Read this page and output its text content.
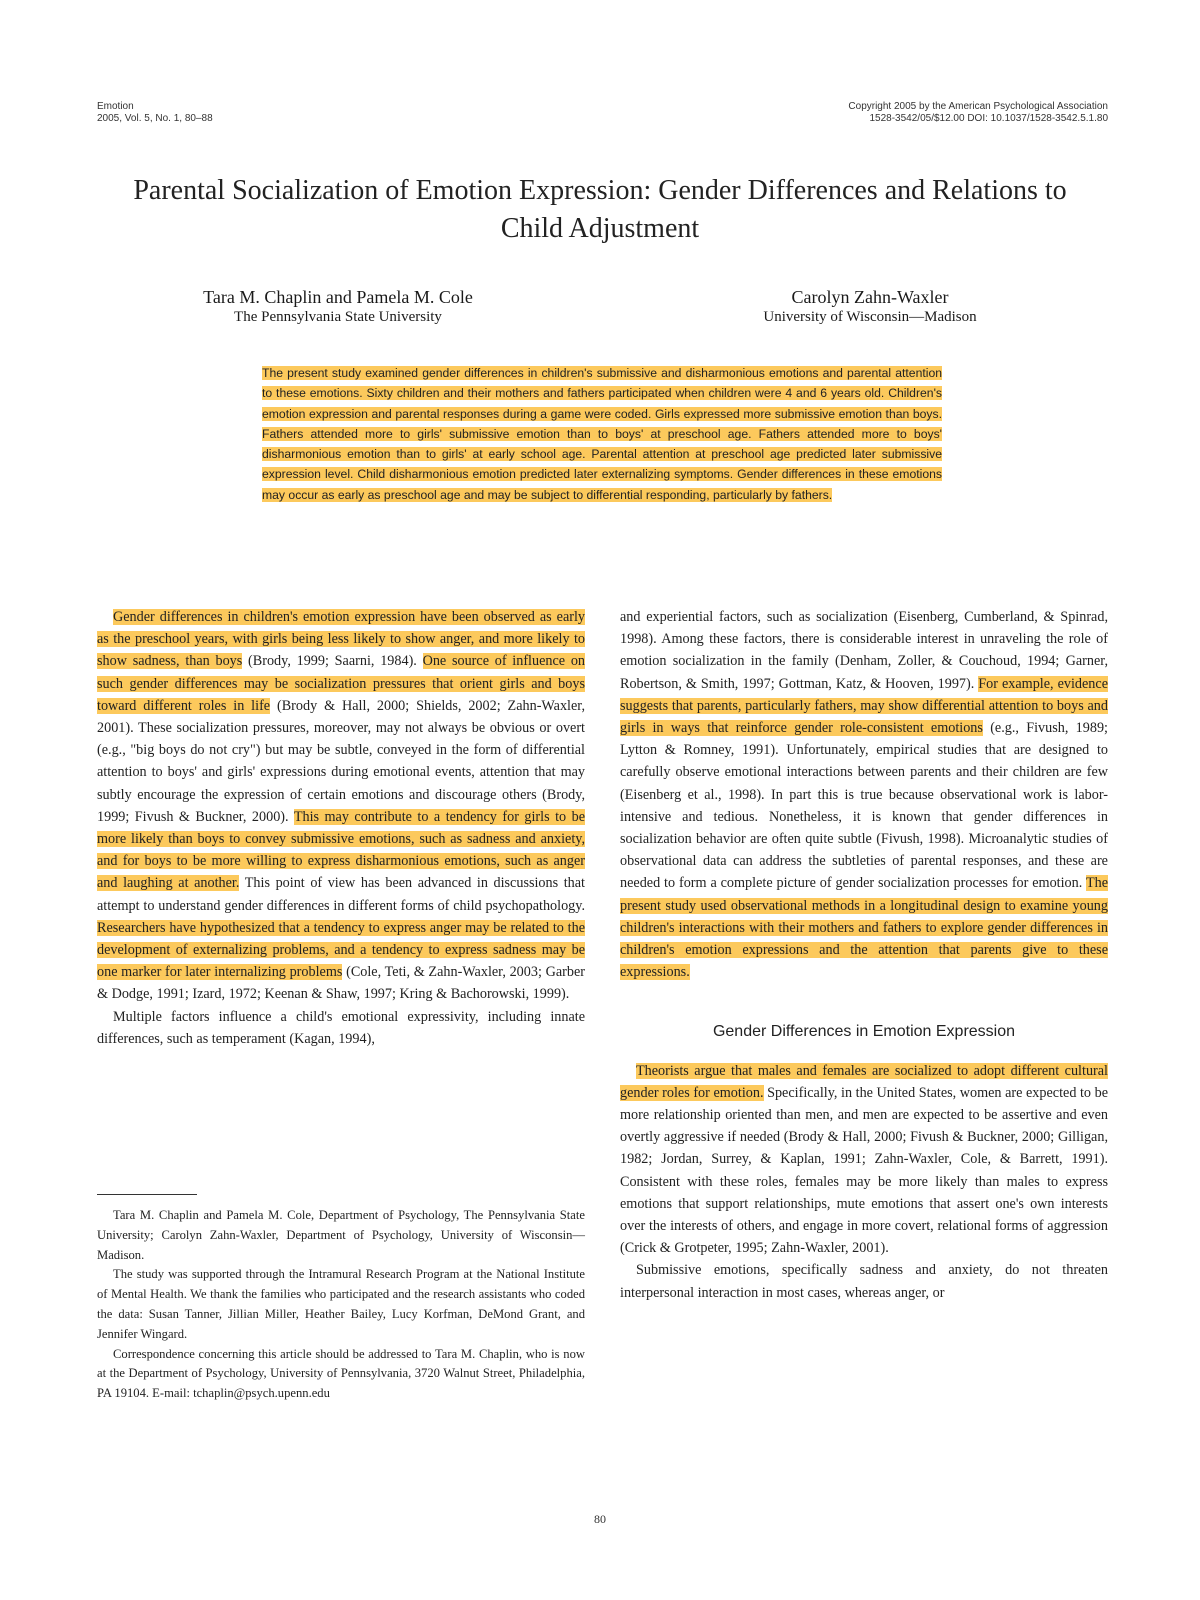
Emotion
2005, Vol. 5, No. 1, 80–88
Copyright 2005 by the American Psychological Association
1528-3542/05/$12.00 DOI: 10.1037/1528-3542.5.1.80
Parental Socialization of Emotion Expression: Gender Differences and Relations to Child Adjustment
Tara M. Chaplin and Pamela M. Cole
The Pennsylvania State University
Carolyn Zahn-Waxler
University of Wisconsin—Madison
The present study examined gender differences in children's submissive and disharmonious emotions and parental attention to these emotions. Sixty children and their mothers and fathers participated when children were 4 and 6 years old. Children's emotion expression and parental responses during a game were coded. Girls expressed more submissive emotion than boys. Fathers attended more to girls' submissive emotion than to boys' at preschool age. Fathers attended more to boys' disharmonious emotion than to girls' at early school age. Parental attention at preschool age predicted later submissive expression level. Child disharmonious emotion predicted later externalizing symptoms. Gender differences in these emotions may occur as early as preschool age and may be subject to differential responding, particularly by fathers.

Gender differences in children's emotion expression have been observed as early as the preschool years, with girls being less likely to show anger, and more likely to show sadness, than boys (Brody, 1999; Saarni, 1984). One source of influence on such gender differences may be socialization pressures that orient girls and boys toward different roles in life (Brody & Hall, 2000; Shields, 2002; Zahn-Waxler, 2001). These socialization pressures, moreover, may not always be obvious or overt (e.g., "big boys do not cry") but may be subtle, conveyed in the form of differential attention to boys' and girls' expressions during emotional events, attention that may subtly encourage the expression of certain emotions and discourage others (Brody, 1999; Fivush & Buckner, 2000). This may contribute to a tendency for girls to be more likely than boys to convey submissive emotions, such as sadness and anxiety, and for boys to be more willing to express disharmonious emotions, such as anger and laughing at another. This point of view has been advanced in discussions that attempt to understand gender differences in different forms of child psychopathology. Researchers have hypothesized that a tendency to express anger may be related to the development of externalizing problems, and a tendency to express sadness may be one marker for later internalizing problems (Cole, Teti, & Zahn-Waxler, 2003; Garber & Dodge, 1991; Izard, 1972; Keenan & Shaw, 1997; Kring & Bachorowski, 1999).

Multiple factors influence a child's emotional expressivity, including innate differences, such as temperament (Kagan, 1994),

Tara M. Chaplin and Pamela M. Cole, Department of Psychology, The Pennsylvania State University; Carolyn Zahn-Waxler, Department of Psychology, University of Wisconsin—Madison.

The study was supported through the Intramural Research Program at the National Institute of Mental Health. We thank the families who participated and the research assistants who coded the data: Susan Tanner, Jillian Miller, Heather Bailey, Lucy Korfman, DeMond Grant, and Jennifer Wingard.

Correspondence concerning this article should be addressed to Tara M. Chaplin, who is now at the Department of Psychology, University of Pennsylvania, 3720 Walnut Street, Philadelphia, PA 19104. E-mail: tchaplin@psych.upenn.edu

and experiential factors, such as socialization (Eisenberg, Cumberland, & Spinrad, 1998). Among these factors, there is considerable interest in unraveling the role of emotion socialization in the family (Denham, Zoller, & Couchoud, 1994; Garner, Robertson, & Smith, 1997; Gottman, Katz, & Hooven, 1997). For example, evidence suggests that parents, particularly fathers, may show differential attention to boys and girls in ways that reinforce gender role-consistent emotions (e.g., Fivush, 1989; Lytton & Romney, 1991). Unfortunately, empirical studies that are designed to carefully observe emotional interactions between parents and their children are few (Eisenberg et al., 1998). In part this is true because observational work is labor-intensive and tedious. Nonetheless, it is known that gender differences in socialization behavior are often quite subtle (Fivush, 1998). Microanalytic studies of observational data can address the subtleties of parental responses, and these are needed to form a complete picture of gender socialization processes for emotion. The present study used observational methods in a longitudinal design to examine young children's interactions with their mothers and fathers to explore gender differences in children's emotion expressions and the attention that parents give to these expressions.

Gender Differences in Emotion Expression

Theorists argue that males and females are socialized to adopt different cultural gender roles for emotion. Specifically, in the United States, women are expected to be more relationship oriented than men, and men are expected to be assertive and even overtly aggressive if needed (Brody & Hall, 2000; Fivush & Buckner, 2000; Gilligan, 1982; Jordan, Surrey, & Kaplan, 1991; Zahn-Waxler, Cole, & Barrett, 1991). Consistent with these roles, females may be more likely than males to express emotions that support relationships, mute emotions that assert one's own interests over the interests of others, and engage in more covert, relational forms of aggression (Crick & Grotpeter, 1995; Zahn-Waxler, 2001).

Submissive emotions, specifically sadness and anxiety, do not threaten interpersonal interaction in most cases, whereas anger, or

80
